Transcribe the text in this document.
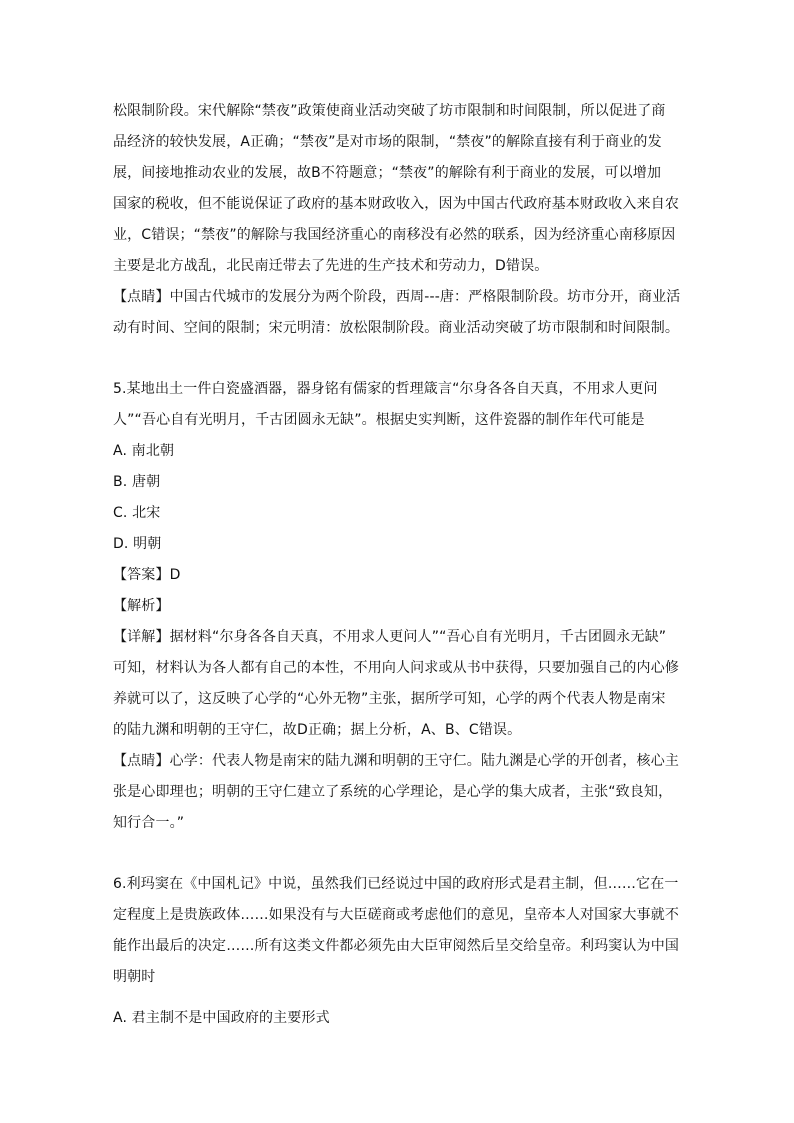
松限制阶段。宋代解除“禁夜”政策使商业活动突破了坊市限制和时间限制，所以促进了商
品经济的较快发展，A正确；“禁夜”是对市场的限制，“禁夜”的解除直接有利于商业的发
展，间接地推动农业的发展，故B不符题意；“禁夜”的解除有利于商业的发展，可以增加
国家的税收，但不能说保证了政府的基本财政收入，因为中国古代政府基本财政收入来自农
业，C错误；“禁夜”的解除与我国经济重心的南移没有必然的联系，因为经济重心南移原因
主要是北方战乱，北民南迁带去了先进的生产技术和劳动力，D错误。
【点睛】中国古代城市的发展分为两个阶段，西周---唐：严格限制阶段。坊市分开，商业活
动有时间、空间的限制；宋元明清：放松限制阶段。商业活动突破了坊市限制和时间限制。
5.某地出土一件白瓷盛酒器，器身铭有儒家的哲理箴言“尔身各各自天真，不用求人更问
人”“吾心自有光明月，千古团圆永无缺”。根据史实判断，这件瓷器的制作年代可能是
A. 南北朝
B. 唐朝
C. 北宋
D. 明朝
【答案】D
【解析】
【详解】据材料“尔身各各自天真，不用求人更问人”“吾心自有光明月，千古团圆永无缺”
可知，材料认为各人都有自己的本性，不用向人问求或从书中获得，只要加强自己的内心修
养就可以了，这反映了心学的“心外无物”主张，据所学可知，心学的两个代表人物是南宋
的陆九渊和明朝的王守仁，故D正确；据上分析，A、B、C错误。
【点睛】心学：代表人物是南宋的陆九渊和明朝的王守仁。陆九渊是心学的开创者，核心主
张是心即理也；明朝的王守仁建立了系统的心学理论，是心学的集大成者，主张“致良知，
知行合一。”
6.利玛窦在《中国札记》中说，虽然我们已经说过中国的政府形式是君主制，但……它在一
定程度上是贵族政体……如果没有与大臣磋商或考虑他们的意见，皇帝本人对国家大事就不
能作出最后的决定……所有这类文件都必须先由大臣审阅然后呈交给皇帝。利玛窦认为中国
明朝时
A. 君主制不是中国政府的主要形式
